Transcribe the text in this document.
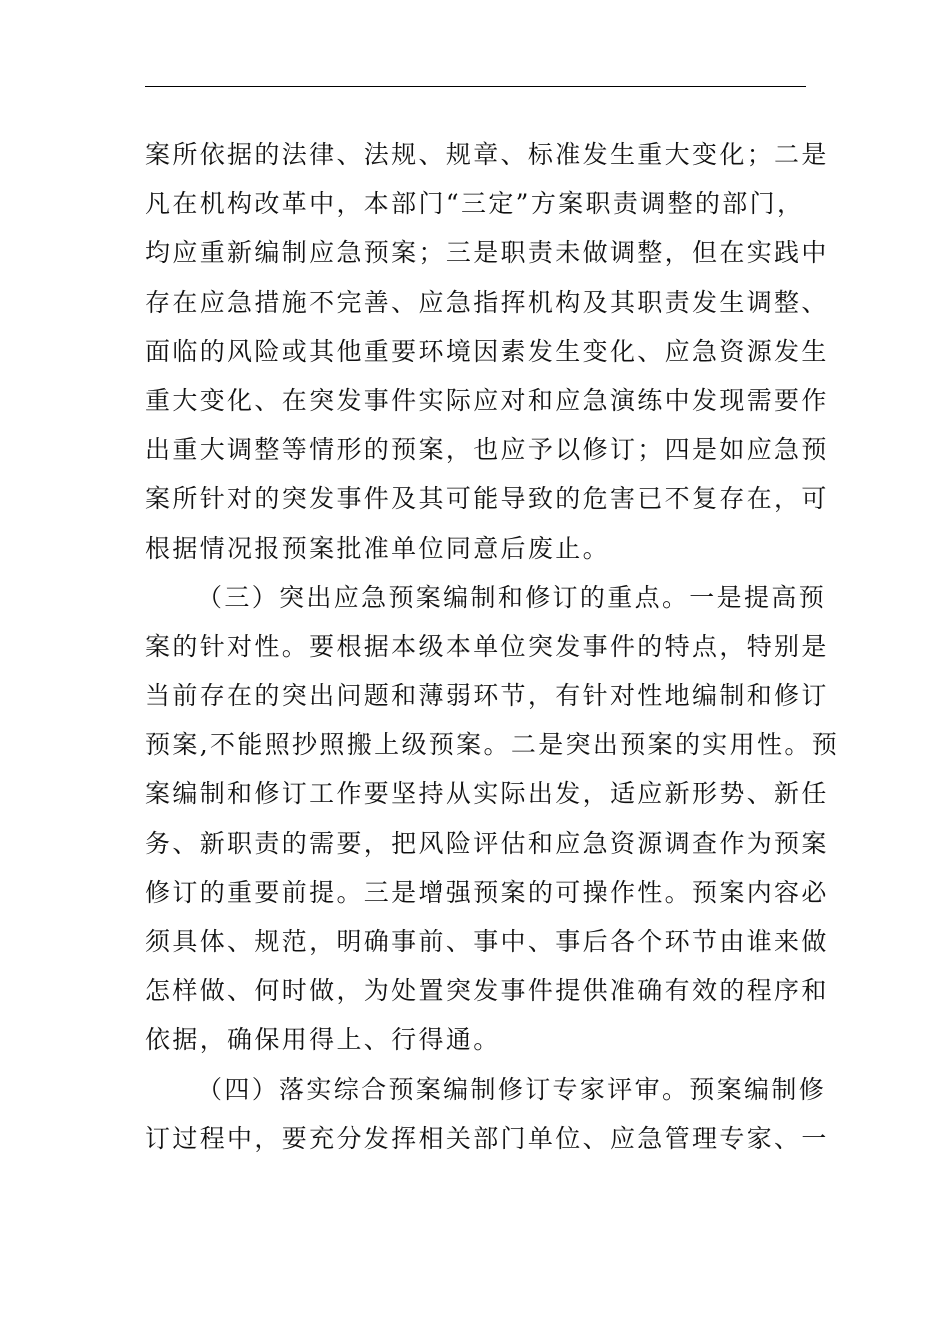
案所依据的法律、法规、规章、标准发生重大变化；二是
凡在机构改革中，本部门“三定”方案职责调整的部门，
均应重新编制应急预案；三是职责未做调整，但在实践中
存在应急措施不完善、应急指挥机构及其职责发生调整、
面临的风险或其他重要环境因素发生变化、应急资源发生
重大变化、在突发事件实际应对和应急演练中发现需要作
出重大调整等情形的预案，也应予以修订；四是如应急预
案所针对的突发事件及其可能导致的危害已不复存在，可
根据情况报预案批准单位同意后废止。
（三）突出应急预案编制和修订的重点。一是提高预
案的针对性。要根据本级本单位突发事件的特点，特别是
当前存在的突出问题和薄弱环节，有针对性地编制和修订
预案,不能照抄照搬上级预案。二是突出预案的实用性。预
案编制和修订工作要坚持从实际出发，适应新形势、新任
务、新职责的需要，把风险评估和应急资源调查作为预案
修订的重要前提。三是增强预案的可操作性。预案内容必
须具体、规范，明确事前、事中、事后各个环节由谁来做
怎样做、何时做，为处置突发事件提供准确有效的程序和
依据，确保用得上、行得通。
（四）落实综合预案编制修订专家评审。预案编制修
订过程中，要充分发挥相关部门单位、应急管理专家、一
